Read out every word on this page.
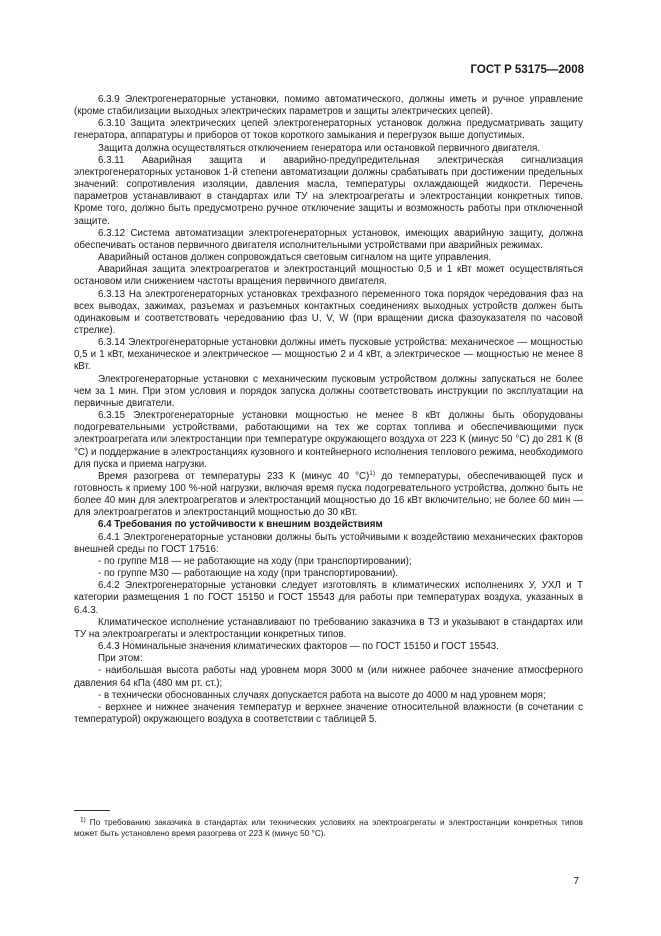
ГОСТ Р 53175—2008

6.3.9 Электрогенераторные установки, помимо автоматического, должны иметь и ручное управление (кроме стабилизации выходных электрических параметров и защиты электрических цепей).

6.3.10 Защита электрических цепей электрогенераторных установок должна предусматривать защиту генератора, аппаратуры и приборов от токов короткого замыкания и перегрузок выше допустимых.

Защита должна осуществляться отключением генератора или остановкой первичного двигателя.

6.3.11 Аварийная защита и аварийно-предупредительная электрическая сигнализация электрогенераторных установок 1-й степени автоматизации должны срабатывать при достижении предельных значений: сопротивления изоляции, давления масла, температуры охлаждающей жидкости. Перечень параметров устанавливают в стандартах или ТУ на электроагрегаты и электростанции конкретных типов. Кроме того, должно быть предусмотрено ручное отключение защиты и возможность работы при отключенной защите.

6.3.12 Система автоматизации электрогенераторных установок, имеющих аварийную защиту, должна обеспечивать останов первичного двигателя исполнительными устройствами при аварийных режимах.

Аварийный останов должен сопровождаться световым сигналом на щите управления.

Аварийная защита электроагрегатов и электростанций мощностью 0,5 и 1 кВт может осуществляться остановом или снижением частоты вращения первичного двигателя.

6.3.13 На электрогенераторных установках трехфазного переменного тока порядок чередования фаз на всех выводах, зажимах, разъемах и разъемных контактных соединениях выходных устройств должен быть одинаковым и соответствовать чередованию фаз U, V, W (при вращении диска фазоуказателя по часовой стрелке).

6.3.14 Электрогенераторные установки должны иметь пусковые устройства: механическое — мощностью 0,5 и 1 кВт, механическое и электрическое — мощностью 2 и 4 кВт, а электрическое — мощностью не менее 8 кВт.

Электрогенераторные установки с механическим пусковым устройством должны запускаться не более чем за 1 мин. При этом условия и порядок запуска должны соответствовать инструкции по эксплуатации на первичные двигатели.

6.3.15 Электрогенераторные установки мощностью не менее 8 кВт должны быть оборудованы подогревательными устройствами, работающими на тех же сортах топлива и обеспечивающими пуск электроагрегата или электростанции при температуре окружающего воздуха от 223 К (минус 50 °С) до 281 К (8 °С) и поддержание в электростанциях кузовного и контейнерного исполнения теплового режима, необходимого для пуска и приема нагрузки.

Время разогрева от температуры 233 К (минус 40 °С)$^{1)}$ до температуры, обеспечивающей пуск и готовность к приему 100 %-ной нагрузки, включая время пуска подогревательного устройства, должно быть не более 40 мин для электроагрегатов и электростанций мощностью до 16 кВт включительно; не более 60 мин — для электроагрегатов и электростанций мощностью до 30 кВт.

6.4 Требования по устойчивости к внешним воздействиям

6.4.1 Электрогенераторные установки должны быть устойчивыми к воздействию механических факторов внешней среды по ГОСТ 17516:

- по группе М18 — не работающие на ходу (при транспортировании);

- по группе М30 — работающие на ходу (при транспортировании).

6.4.2 Электрогенераторные установки следует изготовлять в климатических исполнениях У, УХЛ и Т категории размещения 1 по ГОСТ 15150 и ГОСТ 15543 для работы при температурах воздуха, указанных в 6.4.3.

Климатическое исполнение устанавливают по требованию заказчика в ТЗ и указывают в стандартах или ТУ на электроагрегаты и электростанции конкретных типов.

6.4.3 Номинальные значения климатических факторов — по ГОСТ 15150 и ГОСТ 15543.

При этом:

- наибольшая высота работы над уровнем моря 3000 м (или нижнее рабочее значение атмосферного давления 64 кПа (480 мм рт. ст.);

- в технически обоснованных случаях допускается работа на высоте до 4000 м над уровнем моря;

- верхнее и нижнее значения температур и верхнее значение относительной влажности (в сочетании с температурой) окружающего воздуха в соответствии с таблицей 5.

$^{1)}$ По требованию заказчика в стандартах или технических условиях на электроагрегаты и электростанции конкретных типов может быть установлено время разогрева от 223 К (минус 50 °С).
7
